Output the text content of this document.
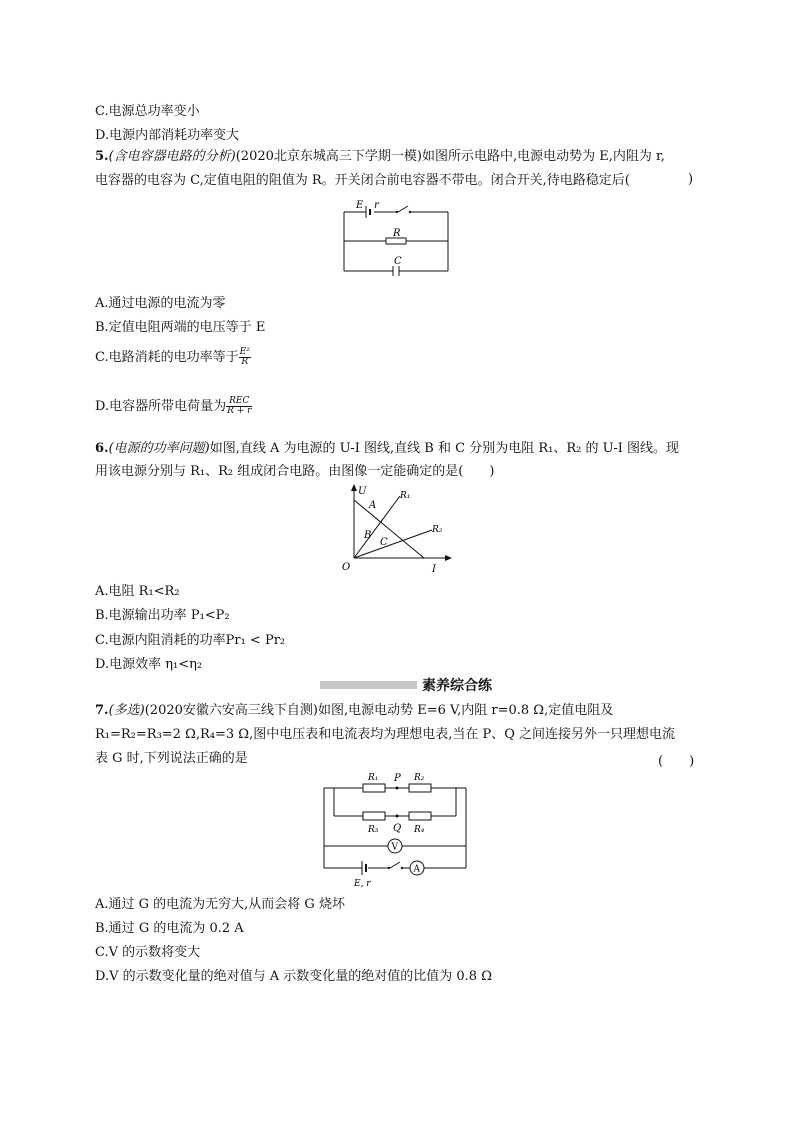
C.电源总功率变小
D.电源内部消耗功率变大
5.(含电容器电路的分析)(2020北京东城高三下学期一模)如图所示电路中,电源电动势为 E,内阻为 r,
电容器的电容为 C,定值电阻的阻值为 R。开关闭合前电容器不带电。闭合开关,待电路稳定后(	)
E r
R
C
A.通过电源的电流为零
B.定值电阻两端的电压等于 E
C.电路消耗的电功率等于 $\frac{\text{E²}}{R}$
D.电容器所带电荷量为 $\frac{\text{REC}}{R + r}$
6.(电源的功率问题)如图,直线 A 为电源的 U-I 图线,直线 B 和 C 分别为电阻 R₁、R₂ 的 U-I 图线。现
用该电源分别与 R₁、R₂ 组成闭合电路。由图像一定能确定的是( )
U
I
O
A
B
C
R₁
R₂
A.电阻 R₁<R₂
B.电源输出功率 P₁<P₂
C.电源内阻消耗的功率Pr₁ < Pr₂
D.电源效率 η₁<η₂
素养综合练
7.(多选)(2020安徽六安高三线下自测)如图,电源电动势 E=6 V,内阻 r=0.8 Ω,定值电阻及
R₁=R₂=R₃=2 Ω,R₄=3 Ω,图中电压表和电流表均为理想电表,当在 P、Q 之间连接另外一只理想电流
表 G 时,下列说法正确的是	(　　)
R₁ P R₂
R₃ Q R₄
V
A
E, r
A.通过 G 的电流为无穷大,从而会将 G 烧坏
B.通过 G 的电流为 0.2 A
C.V 的示数将变大
D.V 的示数变化量的绝对值与 A 示数变化量的绝对值的比值为 0.8 Ω
